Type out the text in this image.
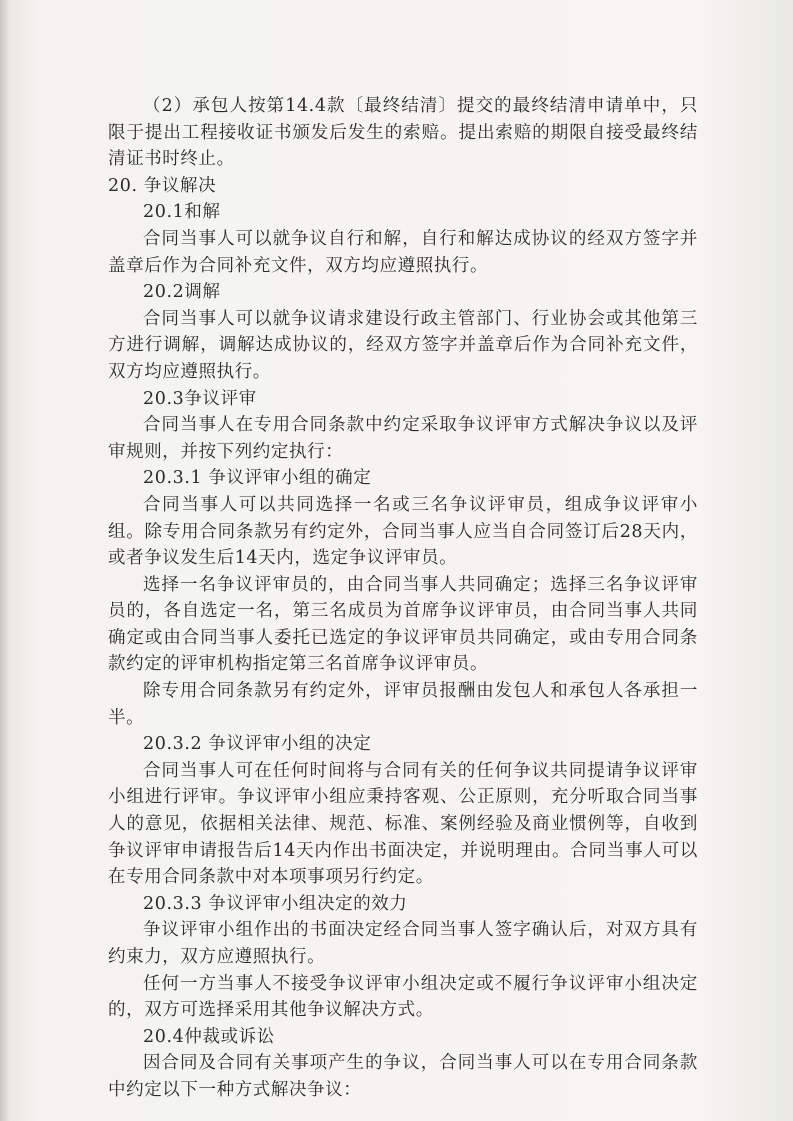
（2）承包人按第14.4款〔最终结清〕提交的最终结清申请单中，只限于提出工程接收证书颁发后发生的索赔。提出索赔的期限自接受最终结清证书时终止。

20. 争议解决

20.1和解

合同当事人可以就争议自行和解，自行和解达成协议的经双方签字并盖章后作为合同补充文件，双方均应遵照执行。

20.2调解

合同当事人可以就争议请求建设行政主管部门、行业协会或其他第三方进行调解，调解达成协议的，经双方签字并盖章后作为合同补充文件，双方均应遵照执行。

20.3争议评审

合同当事人在专用合同条款中约定采取争议评审方式解决争议以及评审规则，并按下列约定执行：

20.3.1 争议评审小组的确定

合同当事人可以共同选择一名或三名争议评审员，组成争议评审小组。除专用合同条款另有约定外，合同当事人应当自合同签订后28天内，或者争议发生后14天内，选定争议评审员。

选择一名争议评审员的，由合同当事人共同确定；选择三名争议评审员的，各自选定一名，第三名成员为首席争议评审员，由合同当事人共同确定或由合同当事人委托已选定的争议评审员共同确定，或由专用合同条款约定的评审机构指定第三名首席争议评审员。

除专用合同条款另有约定外，评审员报酬由发包人和承包人各承担一半。

20.3.2 争议评审小组的决定

合同当事人可在任何时间将与合同有关的任何争议共同提请争议评审小组进行评审。争议评审小组应秉持客观、公正原则，充分听取合同当事人的意见，依据相关法律、规范、标准、案例经验及商业惯例等，自收到争议评审申请报告后14天内作出书面决定，并说明理由。合同当事人可以在专用合同条款中对本项事项另行约定。

20.3.3 争议评审小组决定的效力

争议评审小组作出的书面决定经合同当事人签字确认后，对双方具有约束力，双方应遵照执行。

任何一方当事人不接受争议评审小组决定或不履行争议评审小组决定的，双方可选择采用其他争议解决方式。

20.4仲裁或诉讼

因合同及合同有关事项产生的争议，合同当事人可以在专用合同条款中约定以下一种方式解决争议：
